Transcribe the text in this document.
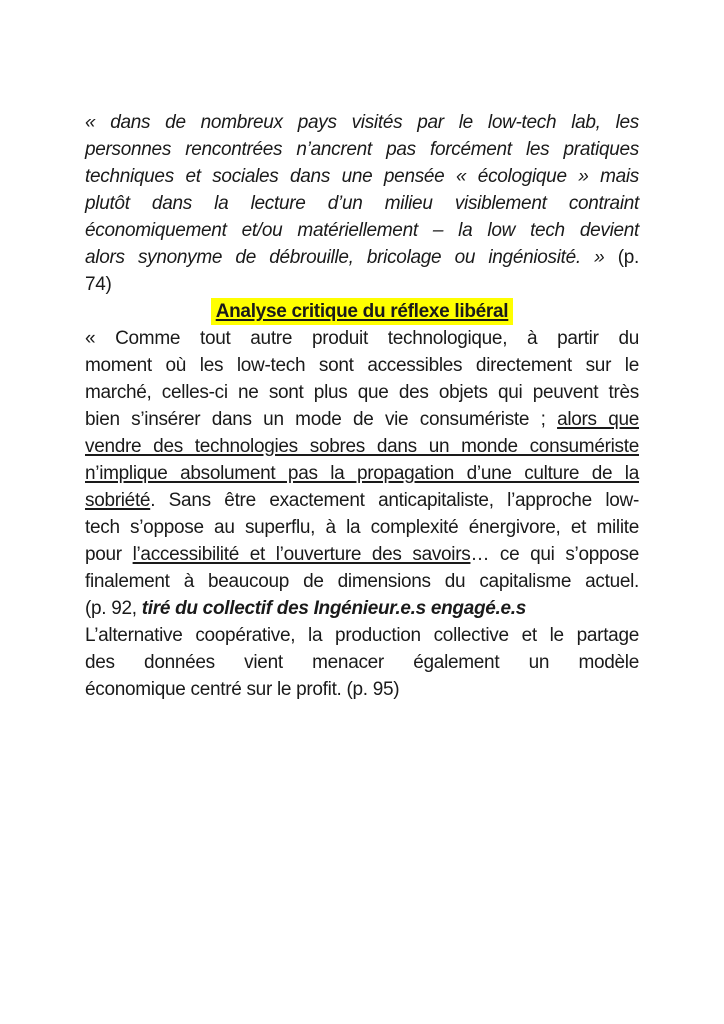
« dans de nombreux pays visités par le low-tech lab, les
personnes rencontrées n’ancrent pas forcément les pratiques
techniques et sociales dans une pensée « écologique » mais
plutôt dans la lecture d’un milieu visiblement contraint
économiquement et/ou matériellement – la low tech devient
alors synonyme de débrouille, bricolage ou ingéniosité. » (p.
74)
Analyse critique du réflexe libéral
« Comme tout autre produit technologique, à partir du
moment où les low-tech sont accessibles directement sur le
marché, celles-ci ne sont plus que des objets qui peuvent très
bien s’insérer dans un mode de vie consumériste ; alors que
vendre des technologies sobres dans un monde consumériste
n’implique absolument pas la propagation d’une culture de la
sobriété. Sans être exactement anticapitaliste, l’approche low-
tech s’oppose au superflu, à la complexité énergivore, et milite
pour l’accessibilité et l’ouverture des savoirs… ce qui s’oppose
finalement à beaucoup de dimensions du capitalisme actuel.
(p. 92, tiré du collectif des Ingénieur.e.s engagé.e.s
L’alternative coopérative, la production collective et le partage
des données vient menacer également un modèle
économique centré sur le profit. (p. 95)
